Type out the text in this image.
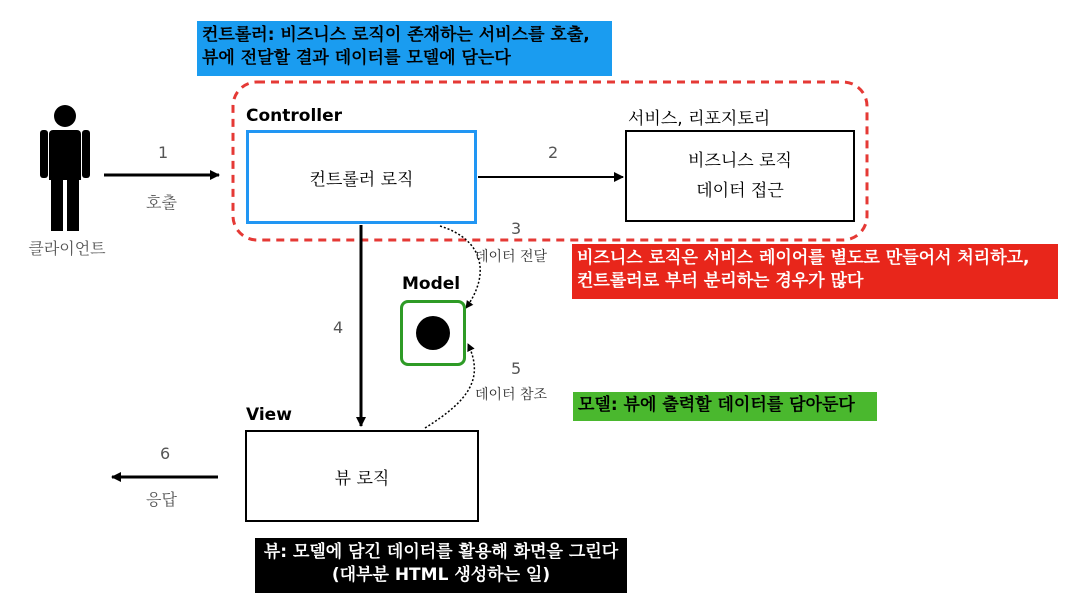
컨트롤러: 비즈니스 로직이 존재하는 서비스를 호출,
뷰에 전달할 결과 데이터를 모델에 담는다
클라이언트
1
호출
Controller
컨트롤러 로직
2
서비스, 리포지토리
비즈니스 로직
데이터 접근
3
데이터 전달 비즈니스 로직은 서비스 레이어를 별도로 만들어서 처리하고,
컨트롤러로 부터 분리하는 경우가 많다
Model
4
5
데이터 참조 모델: 뷰에 출력할 데이터를 담아둔다
View
뷰 로직
6
응답
뷰: 모델에 담긴 데이터를 활용해 화면을 그린다
(대부분 HTML 생성하는 일)
